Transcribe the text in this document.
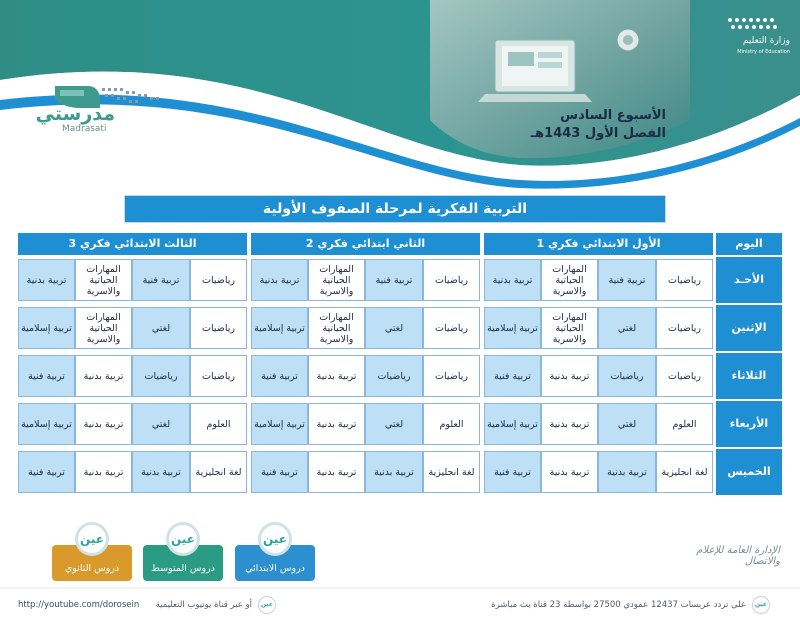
وزارة التعليم
Ministry of Education
الأسبوع السادس
الفصل الأول 1443هـ
مدرستي
Madrasati
التربية الفكرية لمرحلة الصفوف الأولية
اليوم
الأول الابتدائي فكري 1
الثاني ابتدائي فكري 2
الثالث الابتدائي فكري 3
الأحـد
الإثنين
الثلاثاء
الأربعاء
الخميس
رياضيات
تربية فنية
المهارات الحياتية والاسرية
تربية بدنية
رياضيات
لغتي
المهارات الحياتية والاسرية
تربية إسلامية
رياضيات
رياضيات
تربية بدنية
تربية فنية
العلوم
لغتي
تربية بدنية
تربية إسلامية
لغة انجليزية
تربية بدنية
تربية بدنية
تربية فنية
رياضيات
تربية فنية
المهارات الحياتية والاسرية
تربية بدنية
رياضيات
لغتي
المهارات الحياتية والاسرية
تربية إسلامية
رياضيات
رياضيات
تربية بدنية
تربية فنية
العلوم
لغتي
تربية بدنية
تربية إسلامية
لغة انجليزية
تربية بدنية
تربية بدنية
تربية فنية
رياضيات
تربية فنية
المهارات الحياتية والاسرية
تربية بدنية
رياضيات
لغتي
المهارات الحياتية والاسرية
تربية إسلامية
رياضيات
رياضيات
تربية بدنية
تربية فنية
العلوم
لغتي
تربية بدنية
تربية إسلامية
لغة انجليزية
تربية بدنية
تربية بدنية
تربية فنية
دروس الابتدائي
عين
دروس المتوسط
عين
دروس الثانوي
عين
الإدارة العامة للإعلام والاتصال
عين
على تردد عربسات 12437 عمودي 27500 بواسطة 23 قناة بث مباشرة
عين
أو عبر قناة يوتيوب التعليمية
http://youtube.com/dorosein
